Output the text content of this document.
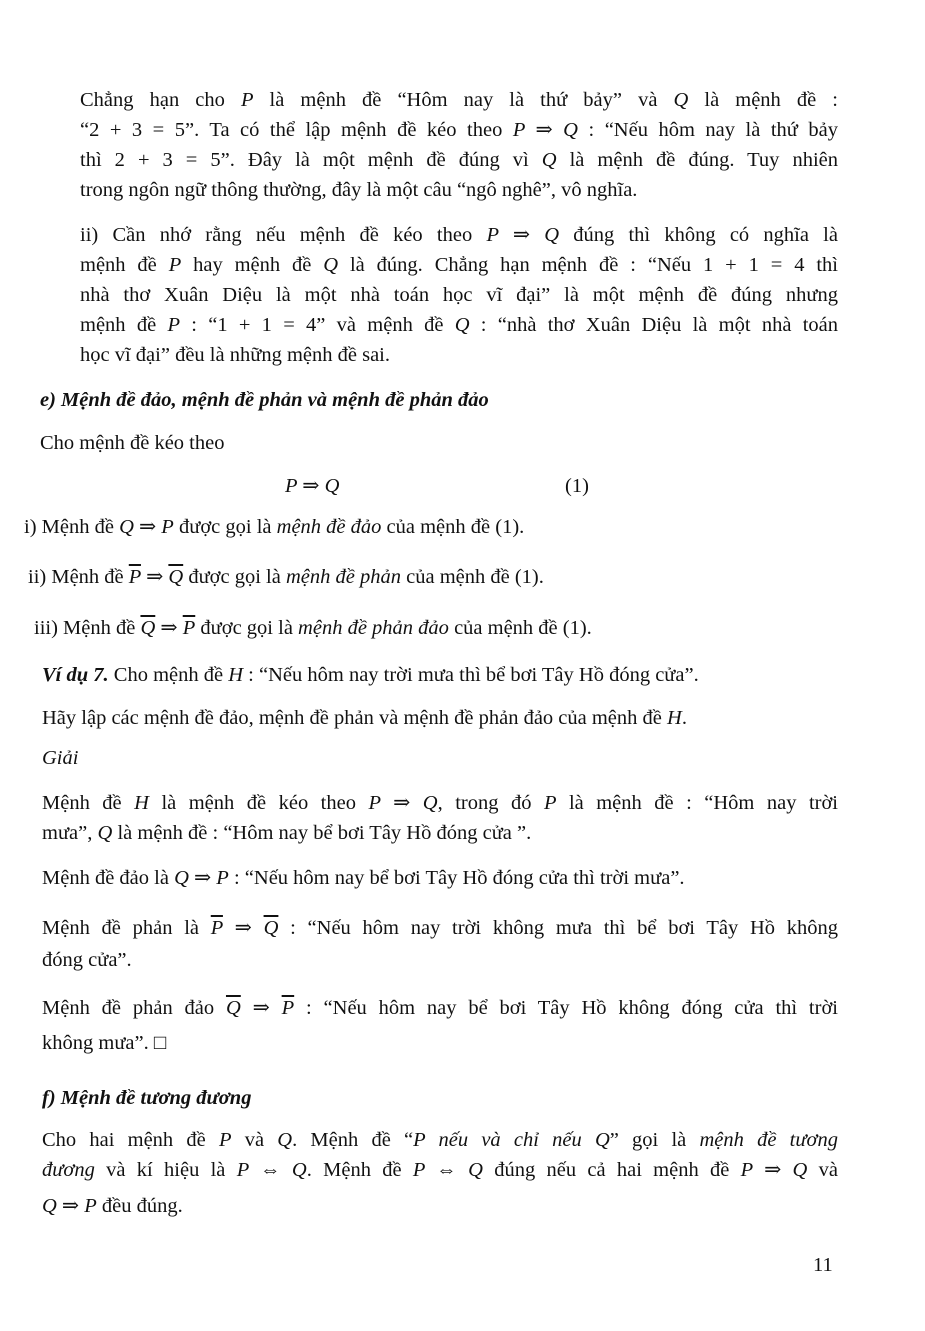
Chẳng hạn cho P là mệnh đề “Hôm nay là thứ bảy” và Q là mệnh đề :
“2 + 3 = 5”. Ta có thể lập mệnh đề kéo theo P ⇒ Q : “Nếu hôm nay là thứ bảy
thì 2 + 3 = 5”. Đây là một mệnh đề đúng vì Q là mệnh đề đúng. Tuy nhiên
trong ngôn ngữ thông thường, đây là một câu “ngô nghê”, vô nghĩa.
ii) Cần nhớ rằng nếu mệnh đề kéo theo P ⇒ Q đúng thì không có nghĩa là
mệnh đề P hay mệnh đề Q là đúng. Chẳng hạn mệnh đề : “Nếu 1 + 1 = 4 thì
nhà thơ Xuân Diệu là một nhà toán học vĩ đại” là một mệnh đề đúng nhưng
mệnh đề P : “1 + 1 = 4” và mệnh đề Q : “nhà thơ Xuân Diệu là một nhà toán
học vĩ đại” đều là những mệnh đề sai.
e) Mệnh đề đảo, mệnh đề phản và mệnh đề phản đảo
Cho mệnh đề kéo theo
P ⇒ Q	(1)
i) Mệnh đề Q ⇒ P được gọi là mệnh đề đảo của mệnh đề (1).
ii) Mệnh đề $\overline{P}$ ⇒ $\overline{Q}$ được gọi là mệnh đề phản của mệnh đề (1).
iii) Mệnh đề $\overline{Q}$ ⇒ $\overline{P}$ được gọi là mệnh đề phản đảo của mệnh đề (1).
Ví dụ 7. Cho mệnh đề H : “Nếu hôm nay trời mưa thì bể bơi Tây Hồ đóng cửa”.
Hãy lập các mệnh đề đảo, mệnh đề phản và mệnh đề phản đảo của mệnh đề H.
Giải
Mệnh đề H là mệnh đề kéo theo P ⇒ Q, trong đó P là mệnh đề : “Hôm nay trời
mưa”, Q là mệnh đề : “Hôm nay bể bơi Tây Hồ đóng cửa ”.
Mệnh đề đảo là Q ⇒ P : “Nếu hôm nay bể bơi Tây Hồ đóng cửa thì trời mưa”.
Mệnh đề phản là $\overline{P}$ ⇒ $\overline{Q}$ : “Nếu hôm nay trời không mưa thì bể bơi Tây Hồ không
đóng cửa”.
Mệnh đề phản đảo $\overline{Q}$ ⇒ $\overline{P}$ : “Nếu hôm nay bể bơi Tây Hồ không đóng cửa thì trời
không mưa”. □
f) Mệnh đề tương đương
Cho hai mệnh đề P và Q. Mệnh đề “P nếu và chỉ nếu Q” gọi là mệnh đề tương
đương và kí hiệu là P ⇔ Q. Mệnh đề P ⇔ Q đúng nếu cả hai mệnh đề P ⇒ Q và
Q ⇒ P đều đúng.
11
